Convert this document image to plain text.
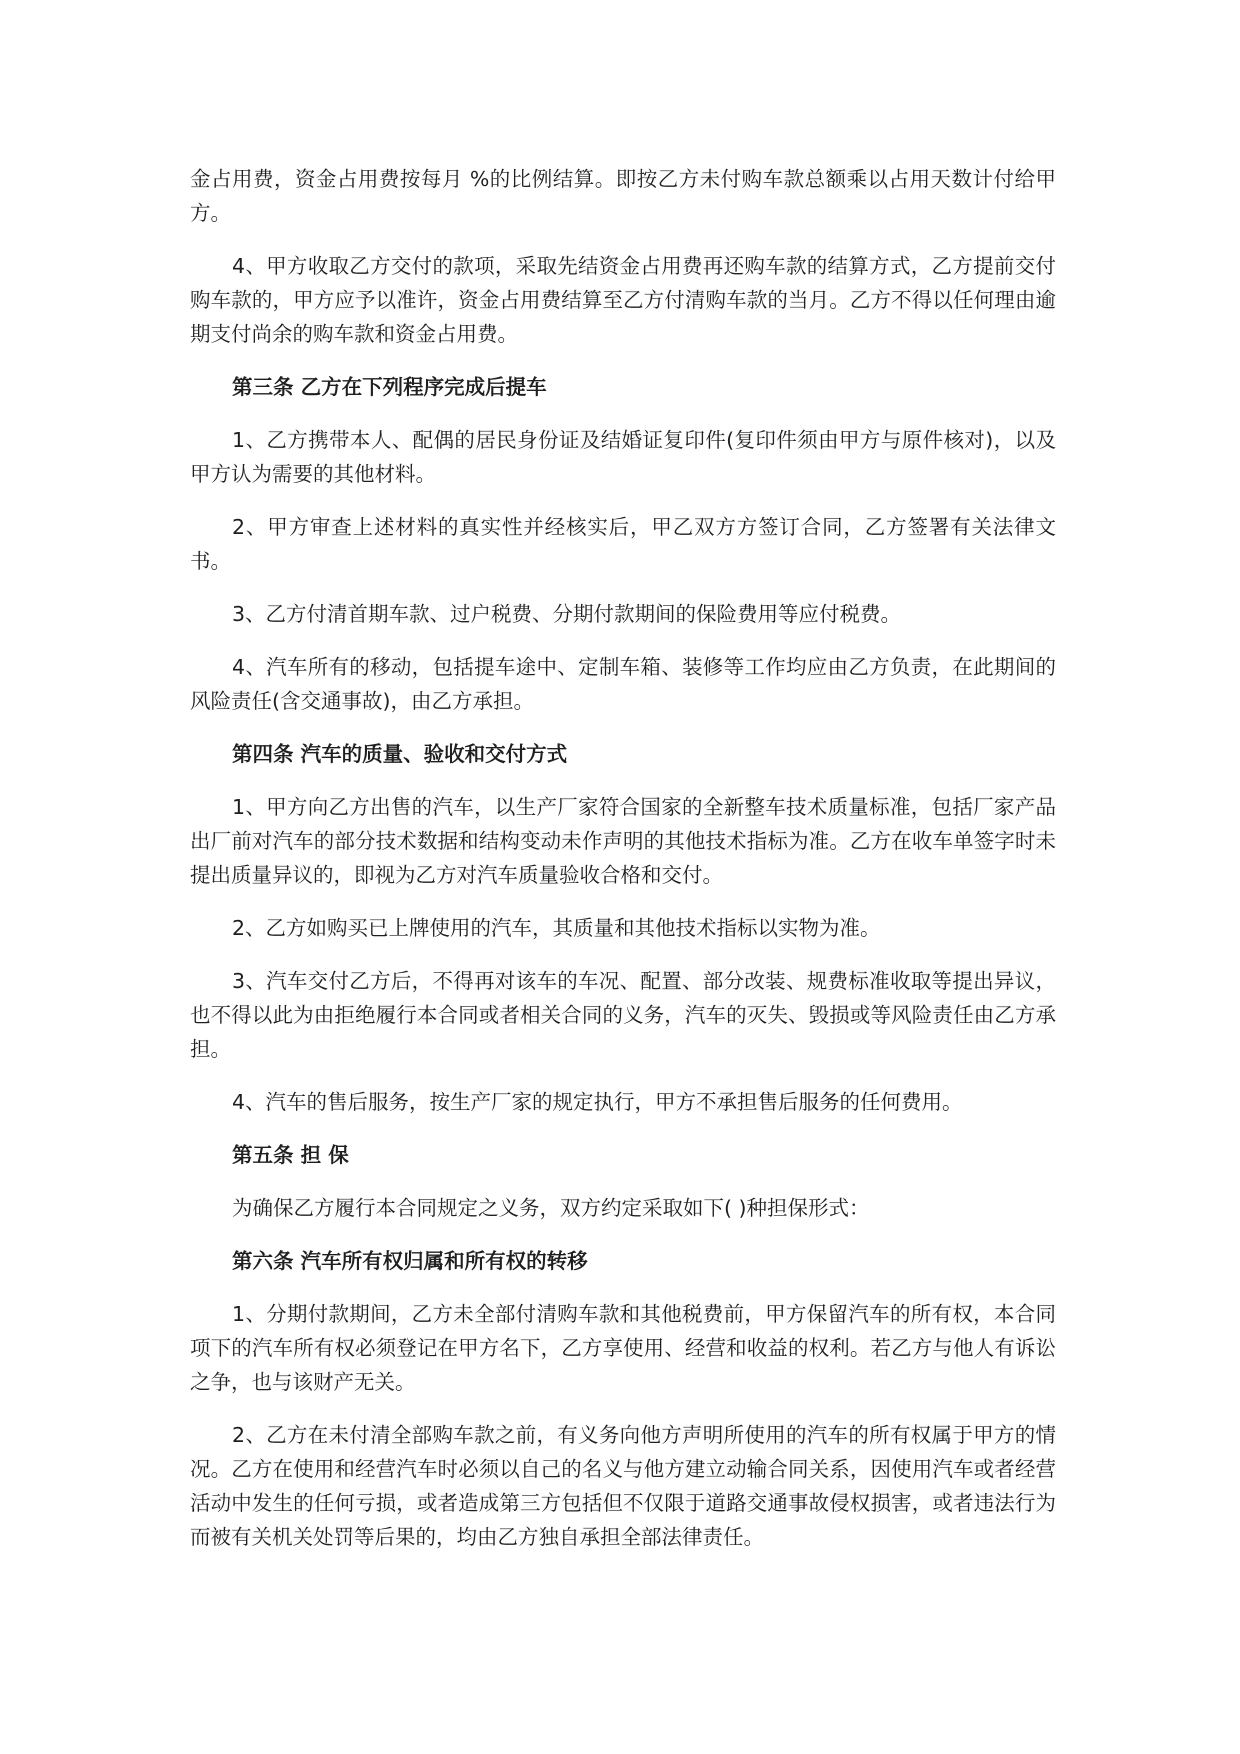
金占用费，资金占用费按每月 %的比例结算。即按乙方未付购车款总额乘以占用天数计付给甲方。

4、甲方收取乙方交付的款项，采取先结资金占用费再还购车款的结算方式，乙方提前交付购车款的，甲方应予以准许，资金占用费结算至乙方付清购车款的当月。乙方不得以任何理由逾期支付尚余的购车款和资金占用费。

第三条 乙方在下列程序完成后提车

1、乙方携带本人、配偶的居民身份证及结婚证复印件(复印件须由甲方与原件核对)，以及甲方认为需要的其他材料。

2、甲方审查上述材料的真实性并经核实后，甲乙双方方签订合同，乙方签署有关法律文书。

3、乙方付清首期车款、过户税费、分期付款期间的保险费用等应付税费。

4、汽车所有的移动，包括提车途中、定制车箱、装修等工作均应由乙方负责，在此期间的风险责任(含交通事故)，由乙方承担。

第四条 汽车的质量、验收和交付方式

1、甲方向乙方出售的汽车，以生产厂家符合国家的全新整车技术质量标准，包括厂家产品出厂前对汽车的部分技术数据和结构变动未作声明的其他技术指标为准。乙方在收车单签字时未提出质量异议的，即视为乙方对汽车质量验收合格和交付。

2、乙方如购买已上牌使用的汽车，其质量和其他技术指标以实物为准。

3、汽车交付乙方后，不得再对该车的车况、配置、部分改装、规费标准收取等提出异议，也不得以此为由拒绝履行本合同或者相关合同的义务，汽车的灭失、毁损或等风险责任由乙方承担。

4、汽车的售后服务，按生产厂家的规定执行，甲方不承担售后服务的任何费用。

第五条 担 保

为确保乙方履行本合同规定之义务，双方约定采取如下( )种担保形式：

第六条 汽车所有权归属和所有权的转移

1、分期付款期间，乙方未全部付清购车款和其他税费前，甲方保留汽车的所有权，本合同项下的汽车所有权必须登记在甲方名下，乙方享使用、经营和收益的权利。若乙方与他人有诉讼之争，也与该财产无关。

2、乙方在未付清全部购车款之前，有义务向他方声明所使用的汽车的所有权属于甲方的情况。乙方在使用和经营汽车时必须以自己的名义与他方建立动输合同关系，因使用汽车或者经营活动中发生的任何亏损，或者造成第三方包括但不仅限于道路交通事故侵权损害，或者违法行为而被有关机关处罚等后果的，均由乙方独自承担全部法律责任。
